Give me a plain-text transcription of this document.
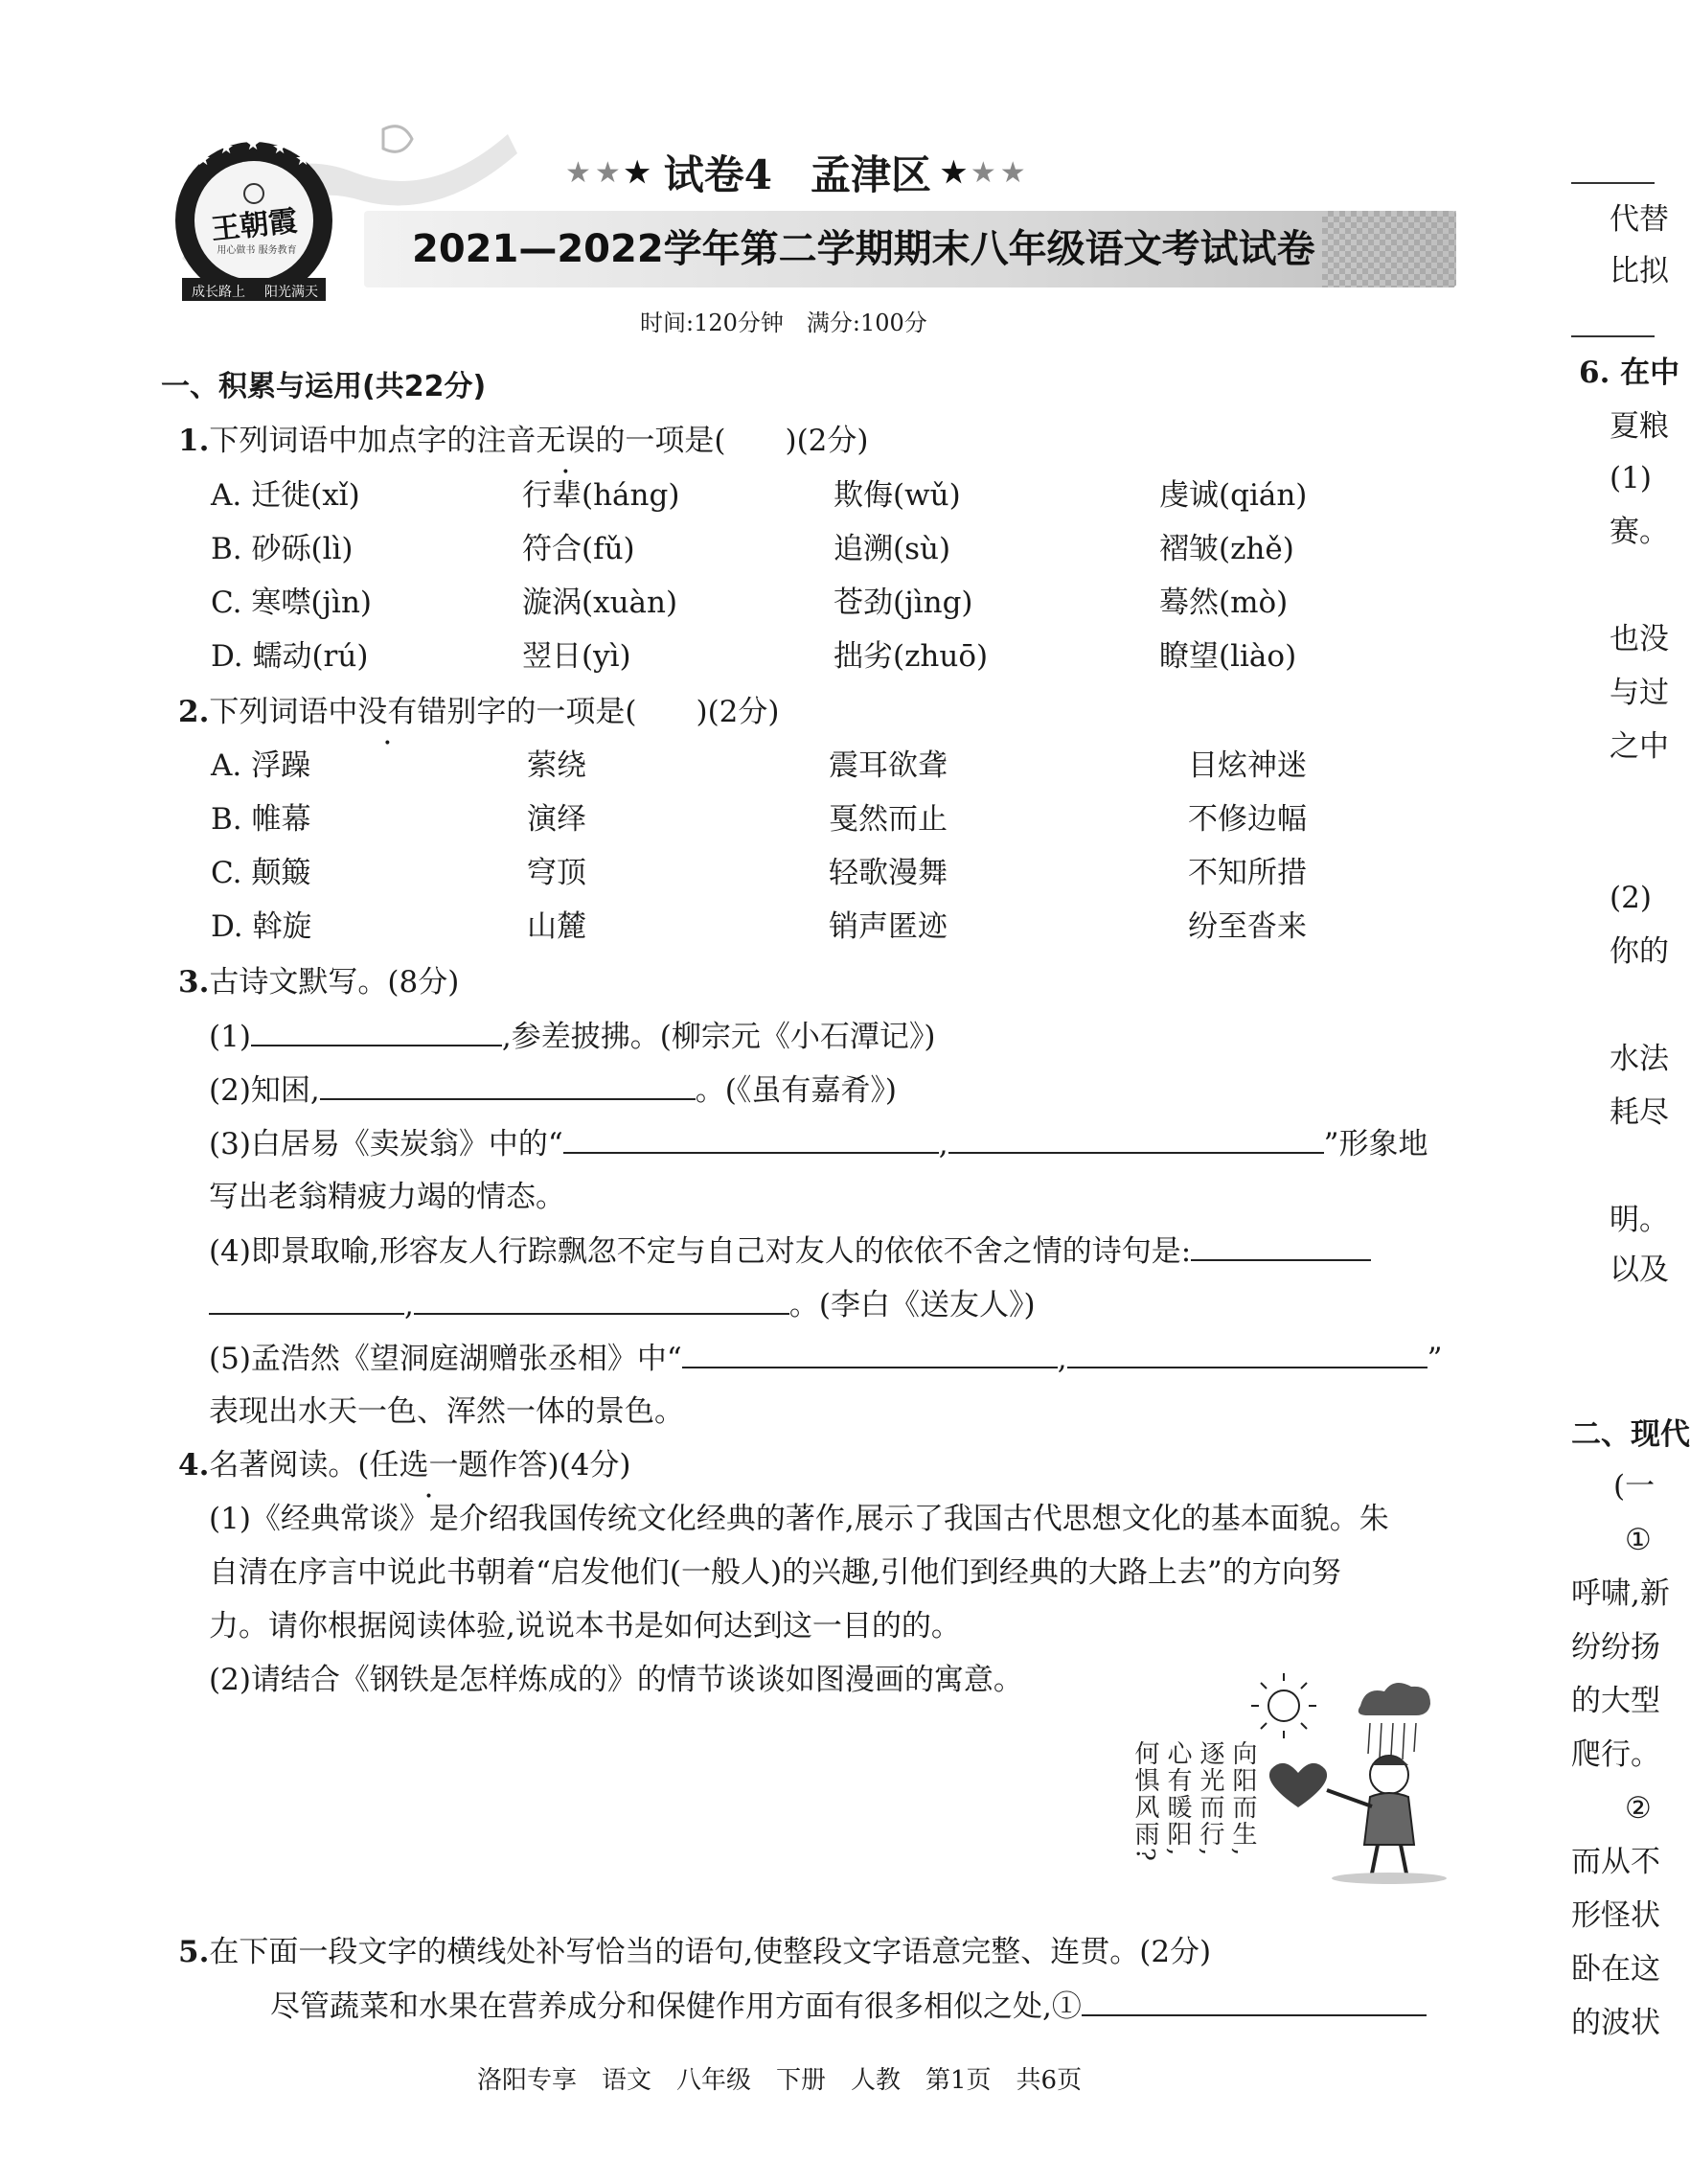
★
★ ★ ★
★
王朝霞
用心做书 服务教育
成长路上 阳光满天
★★★ 试卷4 孟津区 ★★★
2021—2022学年第二学期期末八年级语文考试试卷
时间:120分钟　满分:100分
一、积累与运用(共22分)
1.下列词语中加点字的注音无误的一项是(　　)(2分)
A. 迁徙(xǐ)	行辈(háng)	欺侮(wǔ)	虔诚(qián)
B. 砂砾(lì)	符合(fǔ)	追溯(sù)	褶皱(zhě)
C. 寒噤(jìn)	漩涡(xuàn)	苍劲(jìng)	蓦然(mò)
D. 蠕动(rú)	翌日(yì)	拙劣(zhuō)	瞭望(liào)
2.下列词语中没有错别字的一项是(　　)(2分)
A. 浮躁	萦绕	震耳欲聋	目炫神迷
B. 帷幕	演绎	戛然而止	不修边幅
C. 颠簸	穹顶	轻歌漫舞	不知所措
D. 斡旋	山麓	销声匿迹	纷至沓来
3.古诗文默写。(8分)
(1)	,参差披拂。(柳宗元《小石潭记》)
(2)知困,	。(《虽有嘉肴》)
(3)白居易《卖炭翁》中的“	,	”形象地
写出老翁精疲力竭的情态。
(4)即景取喻,形容友人行踪飘忽不定与自己对友人的依依不舍之情的诗句是:
,	。(李白《送友人》)
(5)孟浩然《望洞庭湖赠张丞相》中“	,	”
表现出水天一色、浑然一体的景色。
4.名著阅读。(任选一题作答)(4分)
(1)《经典常谈》是介绍我国传统文化经典的著作,展示了我国古代思想文化的基本面貌。朱
自清在序言中说此书朝着“启发他们(一般人)的兴趣,引他们到经典的大路上去”的方向努
力。请你根据阅读体验,说说本书是如何达到这一目的的。
(2)请结合《钢铁是怎样炼成的》的情节谈谈如图漫画的寓意。
向阳而生,
逐光而行,
心有暖阳,
何惧风雨?
5.在下面一段文字的横线处补写恰当的语句,使整段文字语意完整、连贯。(2分)
尽管蔬菜和水果在营养成分和保健作用方面有很多相似之处,①
洛阳专享　语文　八年级　下册　人教　第1页　共6页
代替
比拟
6. 在中
夏粮
(1)
赛。
也没
与过
之中
(2)
你的
水法
耗尽
明。
以及
二、现代
(一
①
呼啸,新
纷纷扬
的大型
爬行。
②
而从不
形怪状
卧在这
的波状
